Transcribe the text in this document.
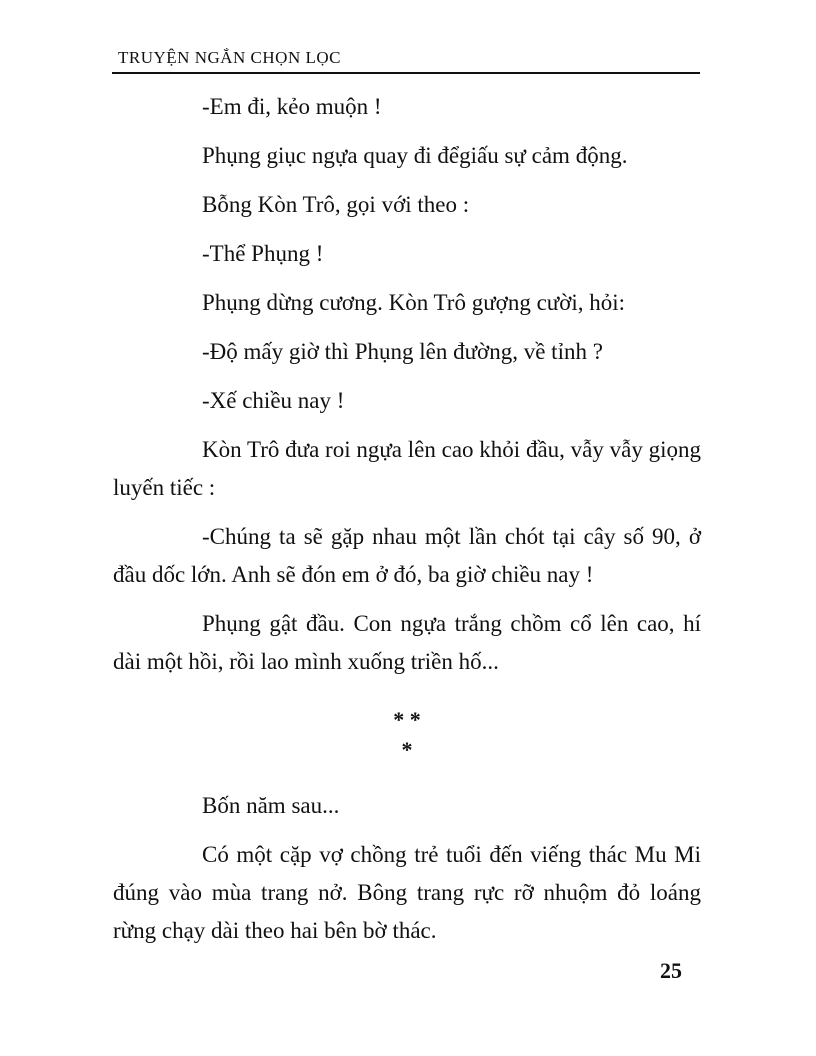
TRUYỆN NGẮN CHỌN LỌC

-Em đi, kẻo muộn !

Phụng giục ngựa quay đi đểgiấu sự cảm động.

Bỗng Kòn Trô, gọi với theo :

-Thể Phụng !

Phụng dừng cương. Kòn Trô gượng cười, hỏi:

-Độ mấy giờ thì Phụng lên đường, về tỉnh ?

-Xế chiều nay !

Kòn Trô đưa roi ngựa lên cao khỏi đầu, vẫy vẫy giọng luyến tiếc :

-Chúng ta sẽ gặp nhau một lần chót tại cây số 90, ở đầu dốc lớn. Anh sẽ đón em ở đó, ba giờ chiều nay !

Phụng gật đầu. Con ngựa trắng chồm cổ lên cao, hí dài một hồi, rồi lao mình xuống triền hố...

* *
*

Bốn năm sau...

Có một cặp vợ chồng trẻ tuổi đến viếng thác Mu Mi đúng vào mùa trang nở. Bông trang rực rỡ nhuộm đỏ loáng rừng chạy dài theo hai bên bờ thác.

25
